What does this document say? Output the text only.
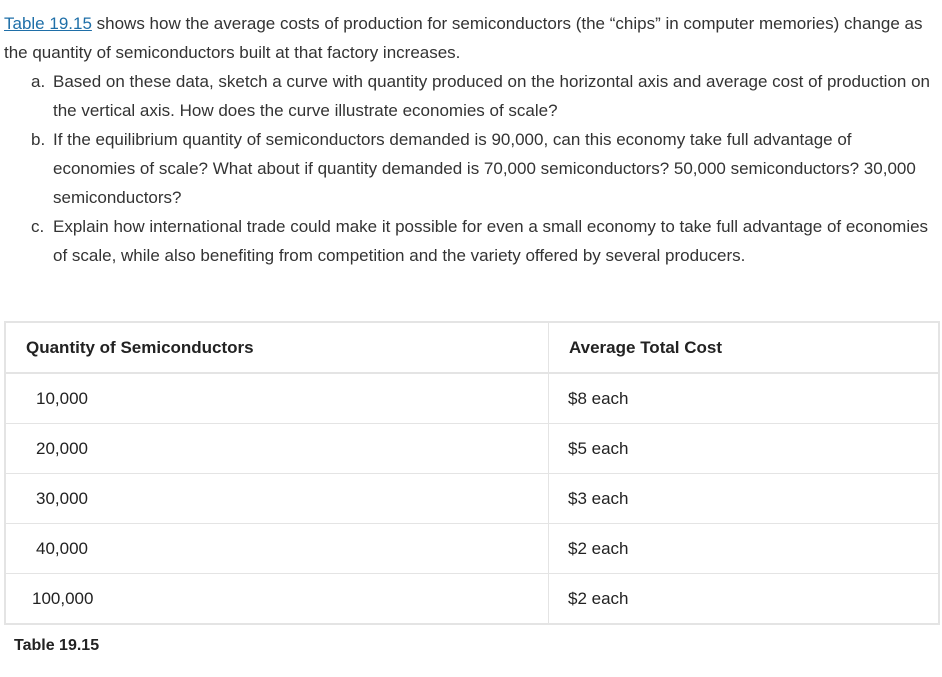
Table 19.15 shows how the average costs of production for semiconductors (the “chips” in computer memories) change as the quantity of semiconductors built at that factory increases.
a. Based on these data, sketch a curve with quantity produced on the horizontal axis and average cost of production on the vertical axis. How does the curve illustrate economies of scale?
b. If the equilibrium quantity of semiconductors demanded is 90,000, can this economy take full advantage of economies of scale? What about if quantity demanded is 70,000 semiconductors? 50,000 semiconductors? 30,000 semiconductors?
c. Explain how international trade could make it possible for even a small economy to take full advantage of economies of scale, while also benefiting from competition and the variety offered by several producers.
Quantity of Semiconductors	Average Total Cost
10,000	$8 each
20,000	$5 each
30,000	$3 each
40,000	$2 each
100,000	$2 each
Table 19.15
